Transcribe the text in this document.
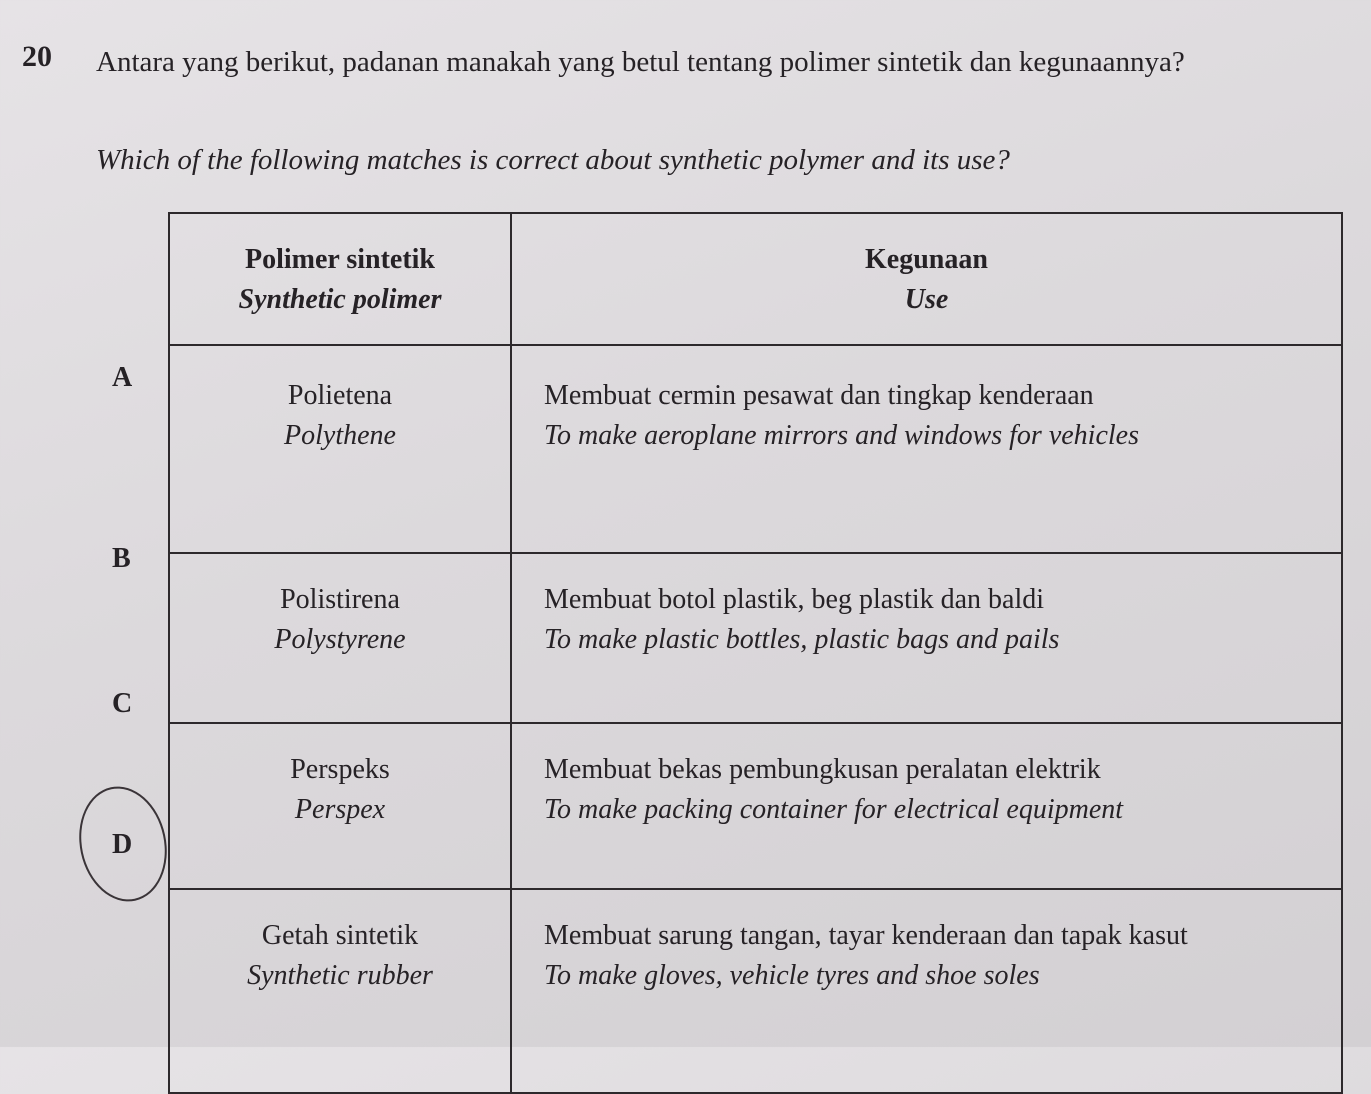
20 Antara yang berikut, padanan manakah yang betul tentang polimer sintetik dan kegunaannya?
Which of the following matches is correct about synthetic polymer and its use?
A
B
C
D
Polimer sintetik
Synthetic polimer	Kegunaan
Use

Polietena
Polythene	Membuat cermin pesawat dan tingkap kenderaan
To make aeroplane mirrors and windows for vehicles

Polistirena
Polystyrene	Membuat botol plastik, beg plastik dan baldi
To make plastic bottles, plastic bags and pails

Perspeks
Perspex	Membuat bekas pembungkusan peralatan elektrik
To make packing container for electrical equipment

Getah sintetik
Synthetic rubber	Membuat sarung tangan, tayar kenderaan dan tapak kasut
To make gloves, vehicle tyres and shoe soles
